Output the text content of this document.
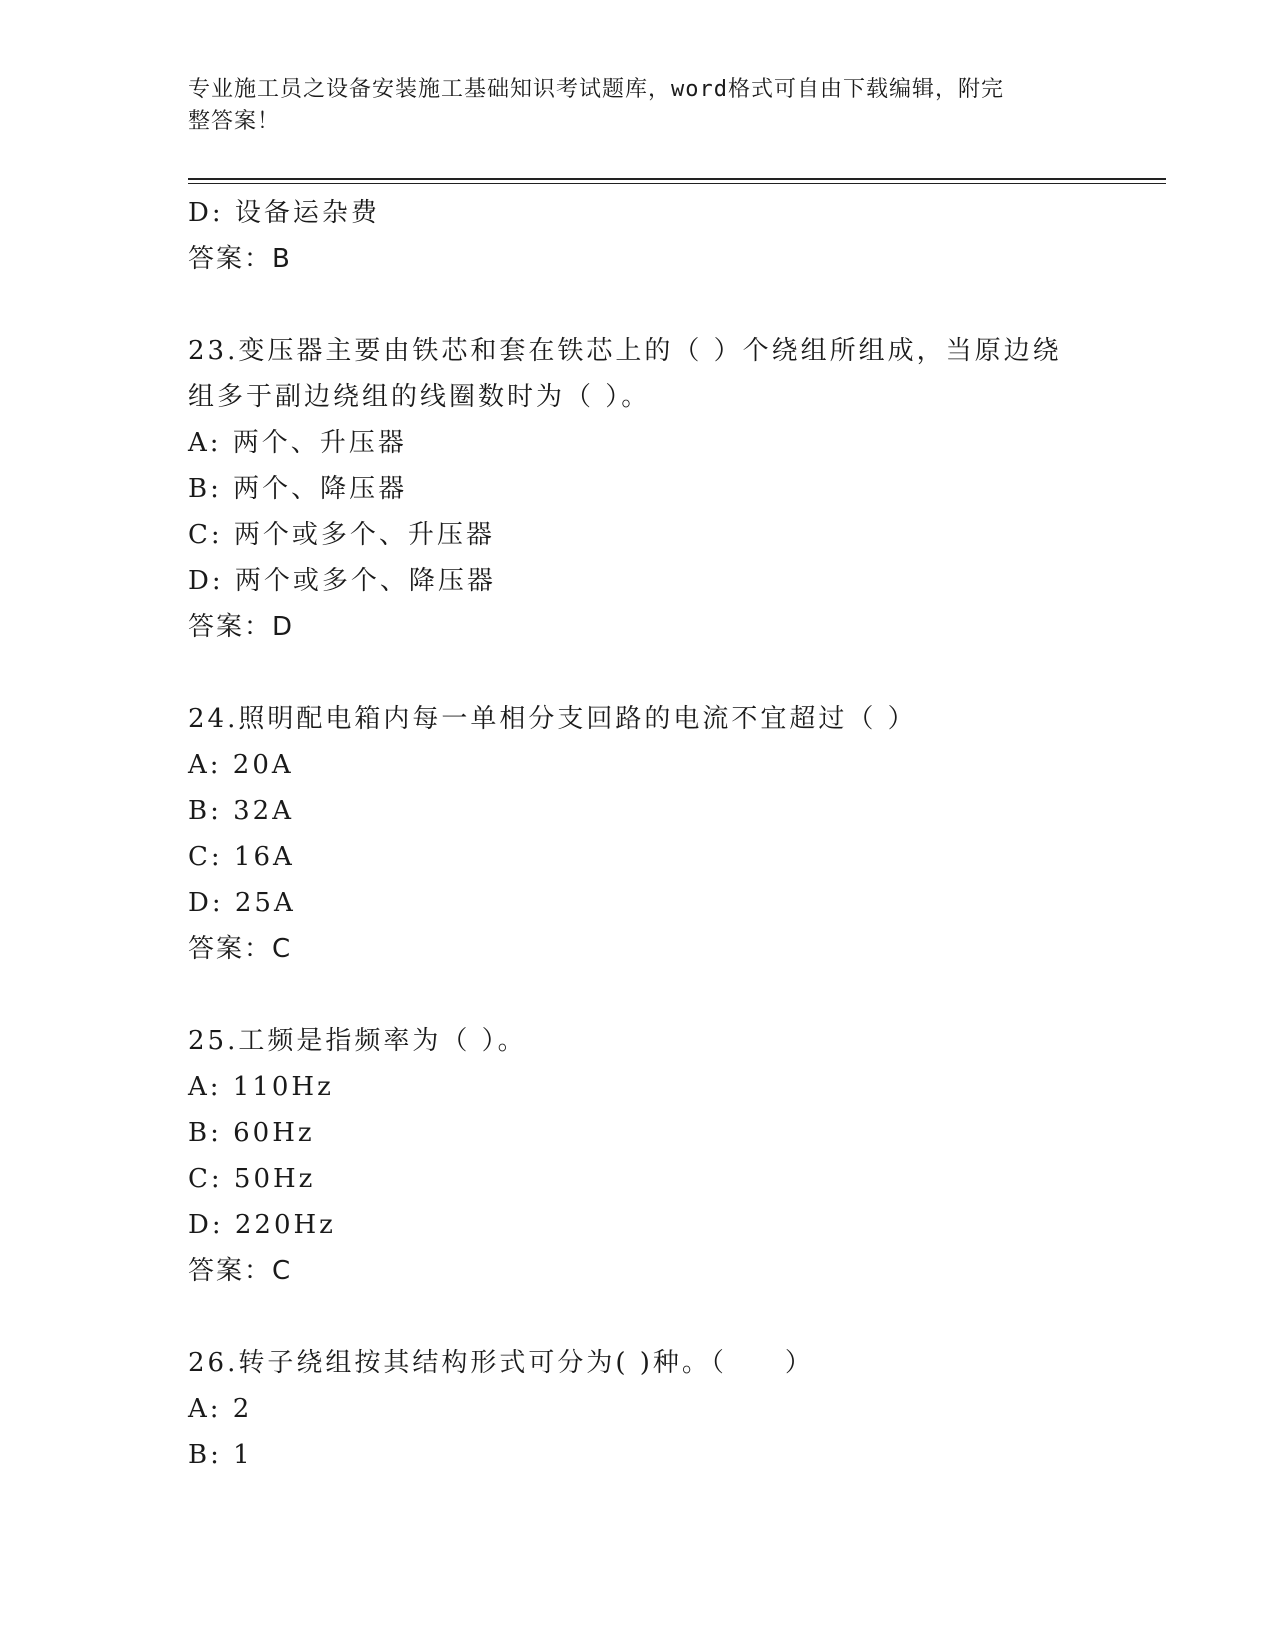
专业施工员之设备安装施工基础知识考试题库，word格式可自由下载编辑，附完
整答案！
D: 设备运杂费
答案：B
23.变压器主要由铁芯和套在铁芯上的（ ）个绕组所组成，当原边绕
组多于副边绕组的线圈数时为（ ）。
A: 两个、升压器
B: 两个、降压器
C: 两个或多个、升压器
D: 两个或多个、降压器
答案：D
24.照明配电箱内每一单相分支回路的电流不宜超过（ ）
A: 20A
B: 32A
C: 16A
D: 25A
答案：C
25.工频是指频率为（ ）。
A: 110Hz
B: 60Hz
C: 50Hz
D: 220Hz
答案：C
26.转子绕组按其结构形式可分为( )种。（　　）
A: 2
B: 1
